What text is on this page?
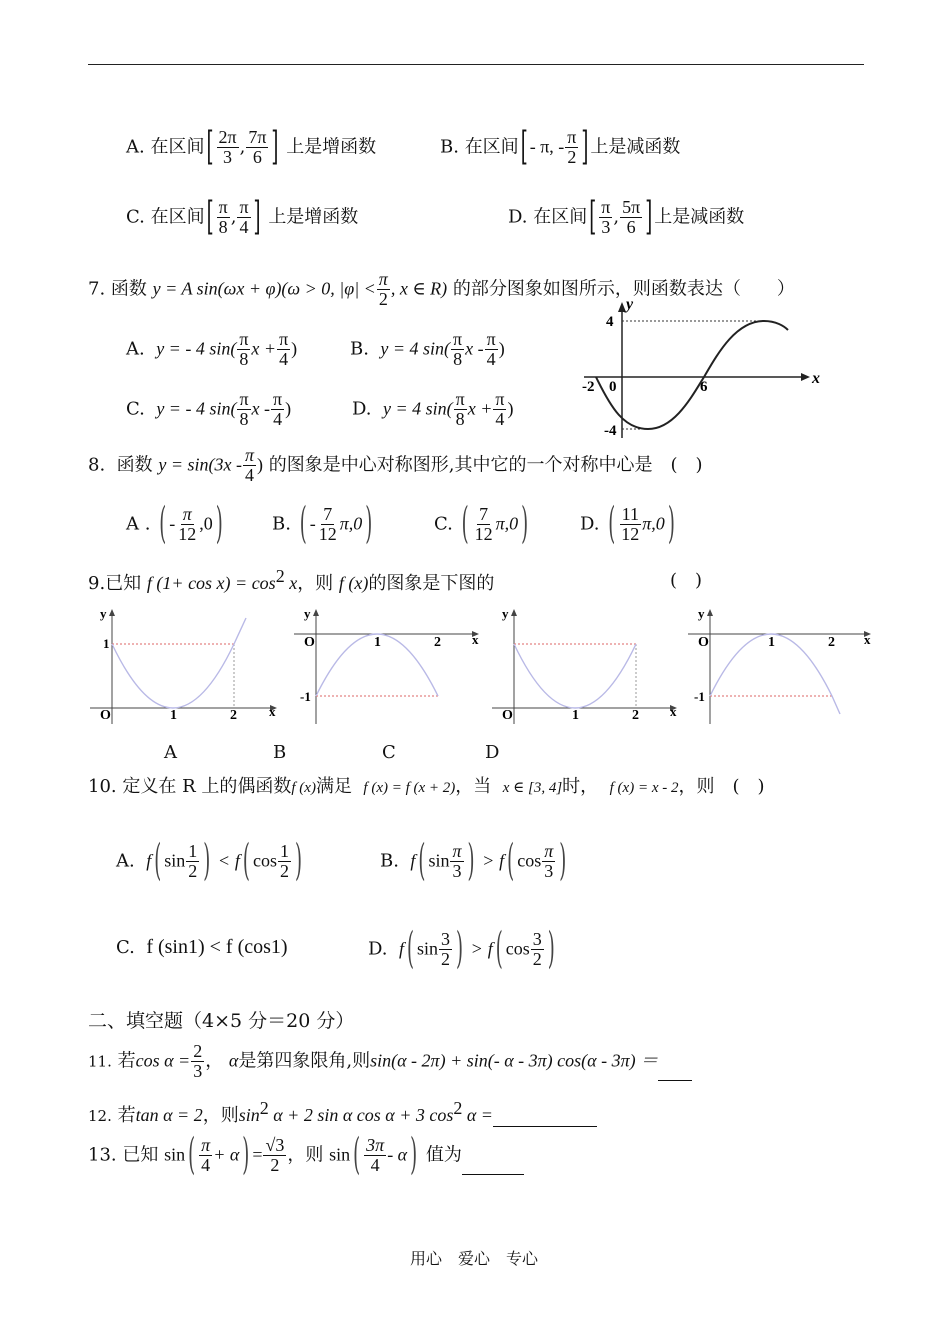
A. 在区间 [ $\frac{2\pi}{3}$ , $\frac{7\pi}{6}$ ] 上是增函数	B. 在区间 [ - π, - $\frac{\pi}{2}$ ] 上是减函数
C. 在区间 [ $\frac{\pi}{8}$ , $\frac{\pi}{4}$ ] 上是增函数	D. 在区间 [ $\frac{\pi}{3}$ , $\frac{5\pi}{6}$ ] 上是减函数
7. 函数 y = A sin(ωx + φ)(ω > 0, $|\varphi| < \frac{\pi}{2}$ , x ∈ R) 的部分图象如图所示，则函数表达（　　）
A. y = - 4 $\sin( \frac{\pi}{8}$ $x + \frac{\pi}{4}$ )	B. y = 4 $\sin( \frac{\pi}{8}$ x - $\frac{\pi}{4}$ )
C. y = - 4 $\sin( \frac{\pi}{8}$ x - $\frac{\pi}{4}$ )	D. y = 4 $\sin( \frac{\pi}{8}$ $x + \frac{\pi}{4}$ )
y
x
4
-4
-2 0	6
8. 函数 $y = \sin(3x - \frac{\pi}{4}$ ) 的图象是中心对称图形,其中它的一个对称中心是　(　)
A . ( - $\frac{\pi}{12} ,0$ )	B. ( - $\frac{7}{12} \pi,0$ )	C. ( $\frac{7}{12} \pi,0$ )	D. ( $\frac{11}{12} \pi,0$ )
9.已知 f $(1+ \cos x) = \cos^2 x$，则 f (x)的图象是下图的	(　)
y
x
O
1
1	2
y
x
O	1	2
-1
y
x
O	1	2
y
x
O	1	2
-1
A	B	C	D
10. 定义在 R 上的偶函数f (x)满足 f (x) = f (x + 2)，当 x ∈ [3, 4]时， f (x) = x - 2，则　(　)
A. f ( $\sin \frac{1}{2}$ ) < f ( $\cos \frac{1}{2}$ )	B. f ( $\sin \frac{\pi}{3}$ ) > f ( $\cos \frac{\pi}{3}$ )
C. f (sin1) < f (cos1)	D. f ( $\sin \frac{3}{2}$ ) > f ( $\cos \frac{3}{2}$ )
二、填空题（4×5 分＝20 分）
11. 若$\cos \alpha = \frac{2}{3}$ ， α是第四象限角,则sin(α - 2π) + sin(- α - 3π) cos(α - 3π) ＝
12. 若tan α = 2，则$\sin^2 \alpha + 2$ sin α cos α + 3 $\cos^2 \alpha$ =
13. 已知 sin ( $\frac{\pi}{4} + \alpha$ ) = $\frac{√3}{2}$ ，则 sin ( $\frac{3\pi}{4}$ - α ) 值为
用心　爱心　专心
